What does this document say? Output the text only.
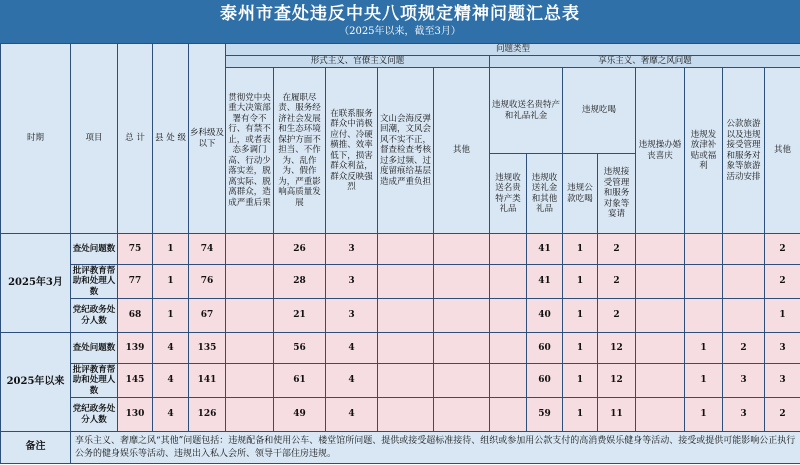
泰州市查处违反中央八项规定精神问题汇总表
（2025年以来，截至3月）
时期	项目	总 计	县 处 级	乡科级及以下	问题类型												
					形式主义、官僚主义问题					享乐主义、奢靡之风问题							
					贯彻党中央重大决策部署有令不行、有禁不止，或者表态多调门高、行动少落实差，脱离实际、脱离群众，造成严重后果	在履职尽责、服务经济社会发展和生态环境保护方面不担当、不作为、乱作为、假作为，严重影响高质量发展	在联系服务群众中消极应付、冷硬横推、效率低下，损害群众利益，群众反映强烈	文山会海反弹回潮，文风会风不实不正，督查检查考核过多过频、过度留痕给基层造成严重负担	其他	违规收送名贵特产和礼品礼金		违规吃喝		违规操办婚丧喜庆	违规发放津补贴或福利	公款旅游以及违规接受管理和服务对象等旅游活动安排	其他
										违规收送名贵特产类礼品	违规收送礼金和其他礼品	违规公款吃喝	违规接受管理和服务对象等宴请				
2025年3月	查处问题数	75	1	74		26	3				41	1	2				2
	批评教育帮助和处理人数	77	1	76		28	3				41	1	2				2
	党纪政务处分人数	68	1	67		21	3				40	1	2				1
2025年以来	查处问题数	139	4	135		56	4				60	1	12		1	2	3
	批评教育帮助和处理人数	145	4	141		61	4				60	1	12		1	3	3
	党纪政务处分人数	130	4	126		49	4				59	1	11		1	3	2
备注	享乐主义、奢靡之风“其他”问题包括：违规配备和使用公车、楼堂馆所问题、提供或接受超标准接待、组织或参加用公款支付的高消费娱乐健身等活动、接受或提供可能影响公正执行公务的健身娱乐等活动、违规出入私人会所、领导干部住房违规。																
